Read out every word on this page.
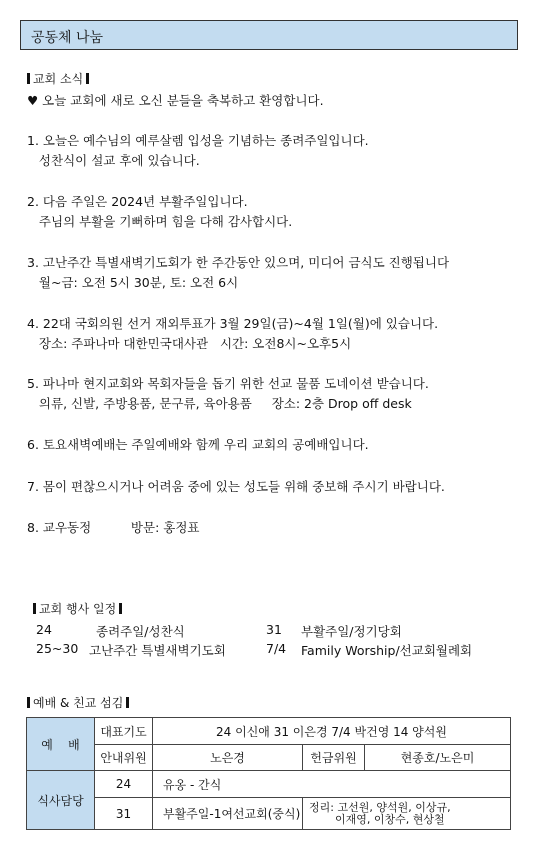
공동체 나눔
교회 소식
♥ 오늘 교회에 새로 오신 분들을 축복하고 환영합니다.
1. 오늘은 예수님의 예루살렘 입성을 기념하는 종려주일입니다.
성찬식이 설교 후에 있습니다.
2. 다음 주일은 2024년 부활주일입니다.
주님의 부활을 기뻐하며 힘을 다해 감사합시다.
3. 고난주간 특별새벽기도회가 한 주간동안 있으며, 미디어 금식도 진행됩니다
월~금: 오전 5시 30분, 토: 오전 6시
4. 22대 국회의원 선거 재외투표가 3월 29일(금)~4월 1일(월)에 있습니다.
장소: 주파나마 대한민국대사관   시간: 오전8시~오후5시
5. 파나마 현지교회와 목회자들을 돕기 위한 선교 물품 도네이션 받습니다.
의류, 신발, 주방용품, 문구류, 육아용품     장소: 2층 Drop off desk
6. 토요새벽예배는 주일예배와 함께 우리 교회의 공예배입니다.
7. 몸이 편찮으시거나 어려움 중에 있는 성도들 위해 중보해 주시기 바랍니다.
8. 교우동정          방문: 홍정표
교회 행사 일정
24	종려주일/성찬식	31 부활주일/정기당회
25~30 고난주간 특별새벽기도회	7/4 Family Worship/선교회월례회
예배 & 친교 섬김
예    배	대표기도	24 이신애 31 이은경 7/4 박건영 14 양석원		
	안내위원	노은경	헌금위원	현종호/노은미
식사담당	24	유옹 - 간식		
	31	부활주일-1여선교회(중식)	정리: 고선원, 양석원, 이상규,
이재영, 이창수, 현상철	
